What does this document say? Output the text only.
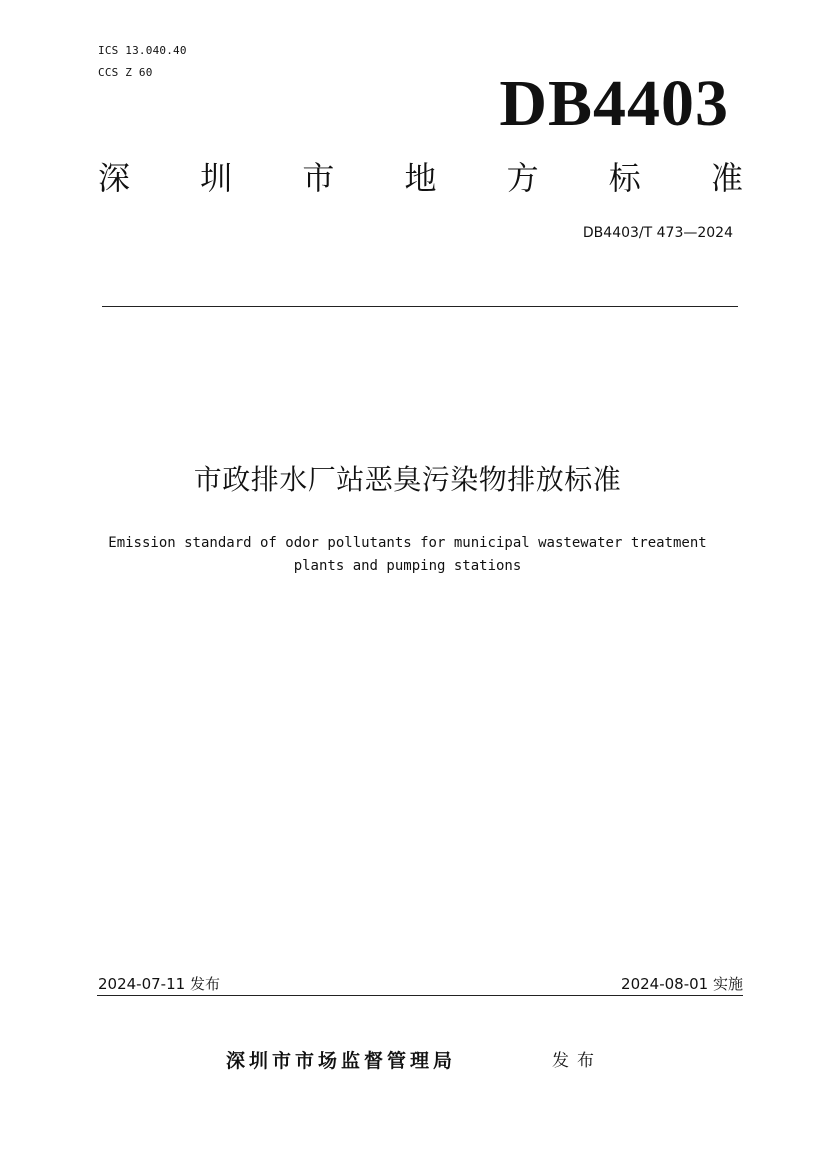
ICS 13.040.40
CCS Z 60	DB4403
深 圳 市 地 方 标 准
DB4403/T 473—2024
市政排水厂站恶臭污染物排放标准
Emission standard of odor pollutants for municipal wastewater treatment
plants and pumping stations
2024-07-11 发布	2024-08-01 实施
深圳市市场监督管理局	发布
